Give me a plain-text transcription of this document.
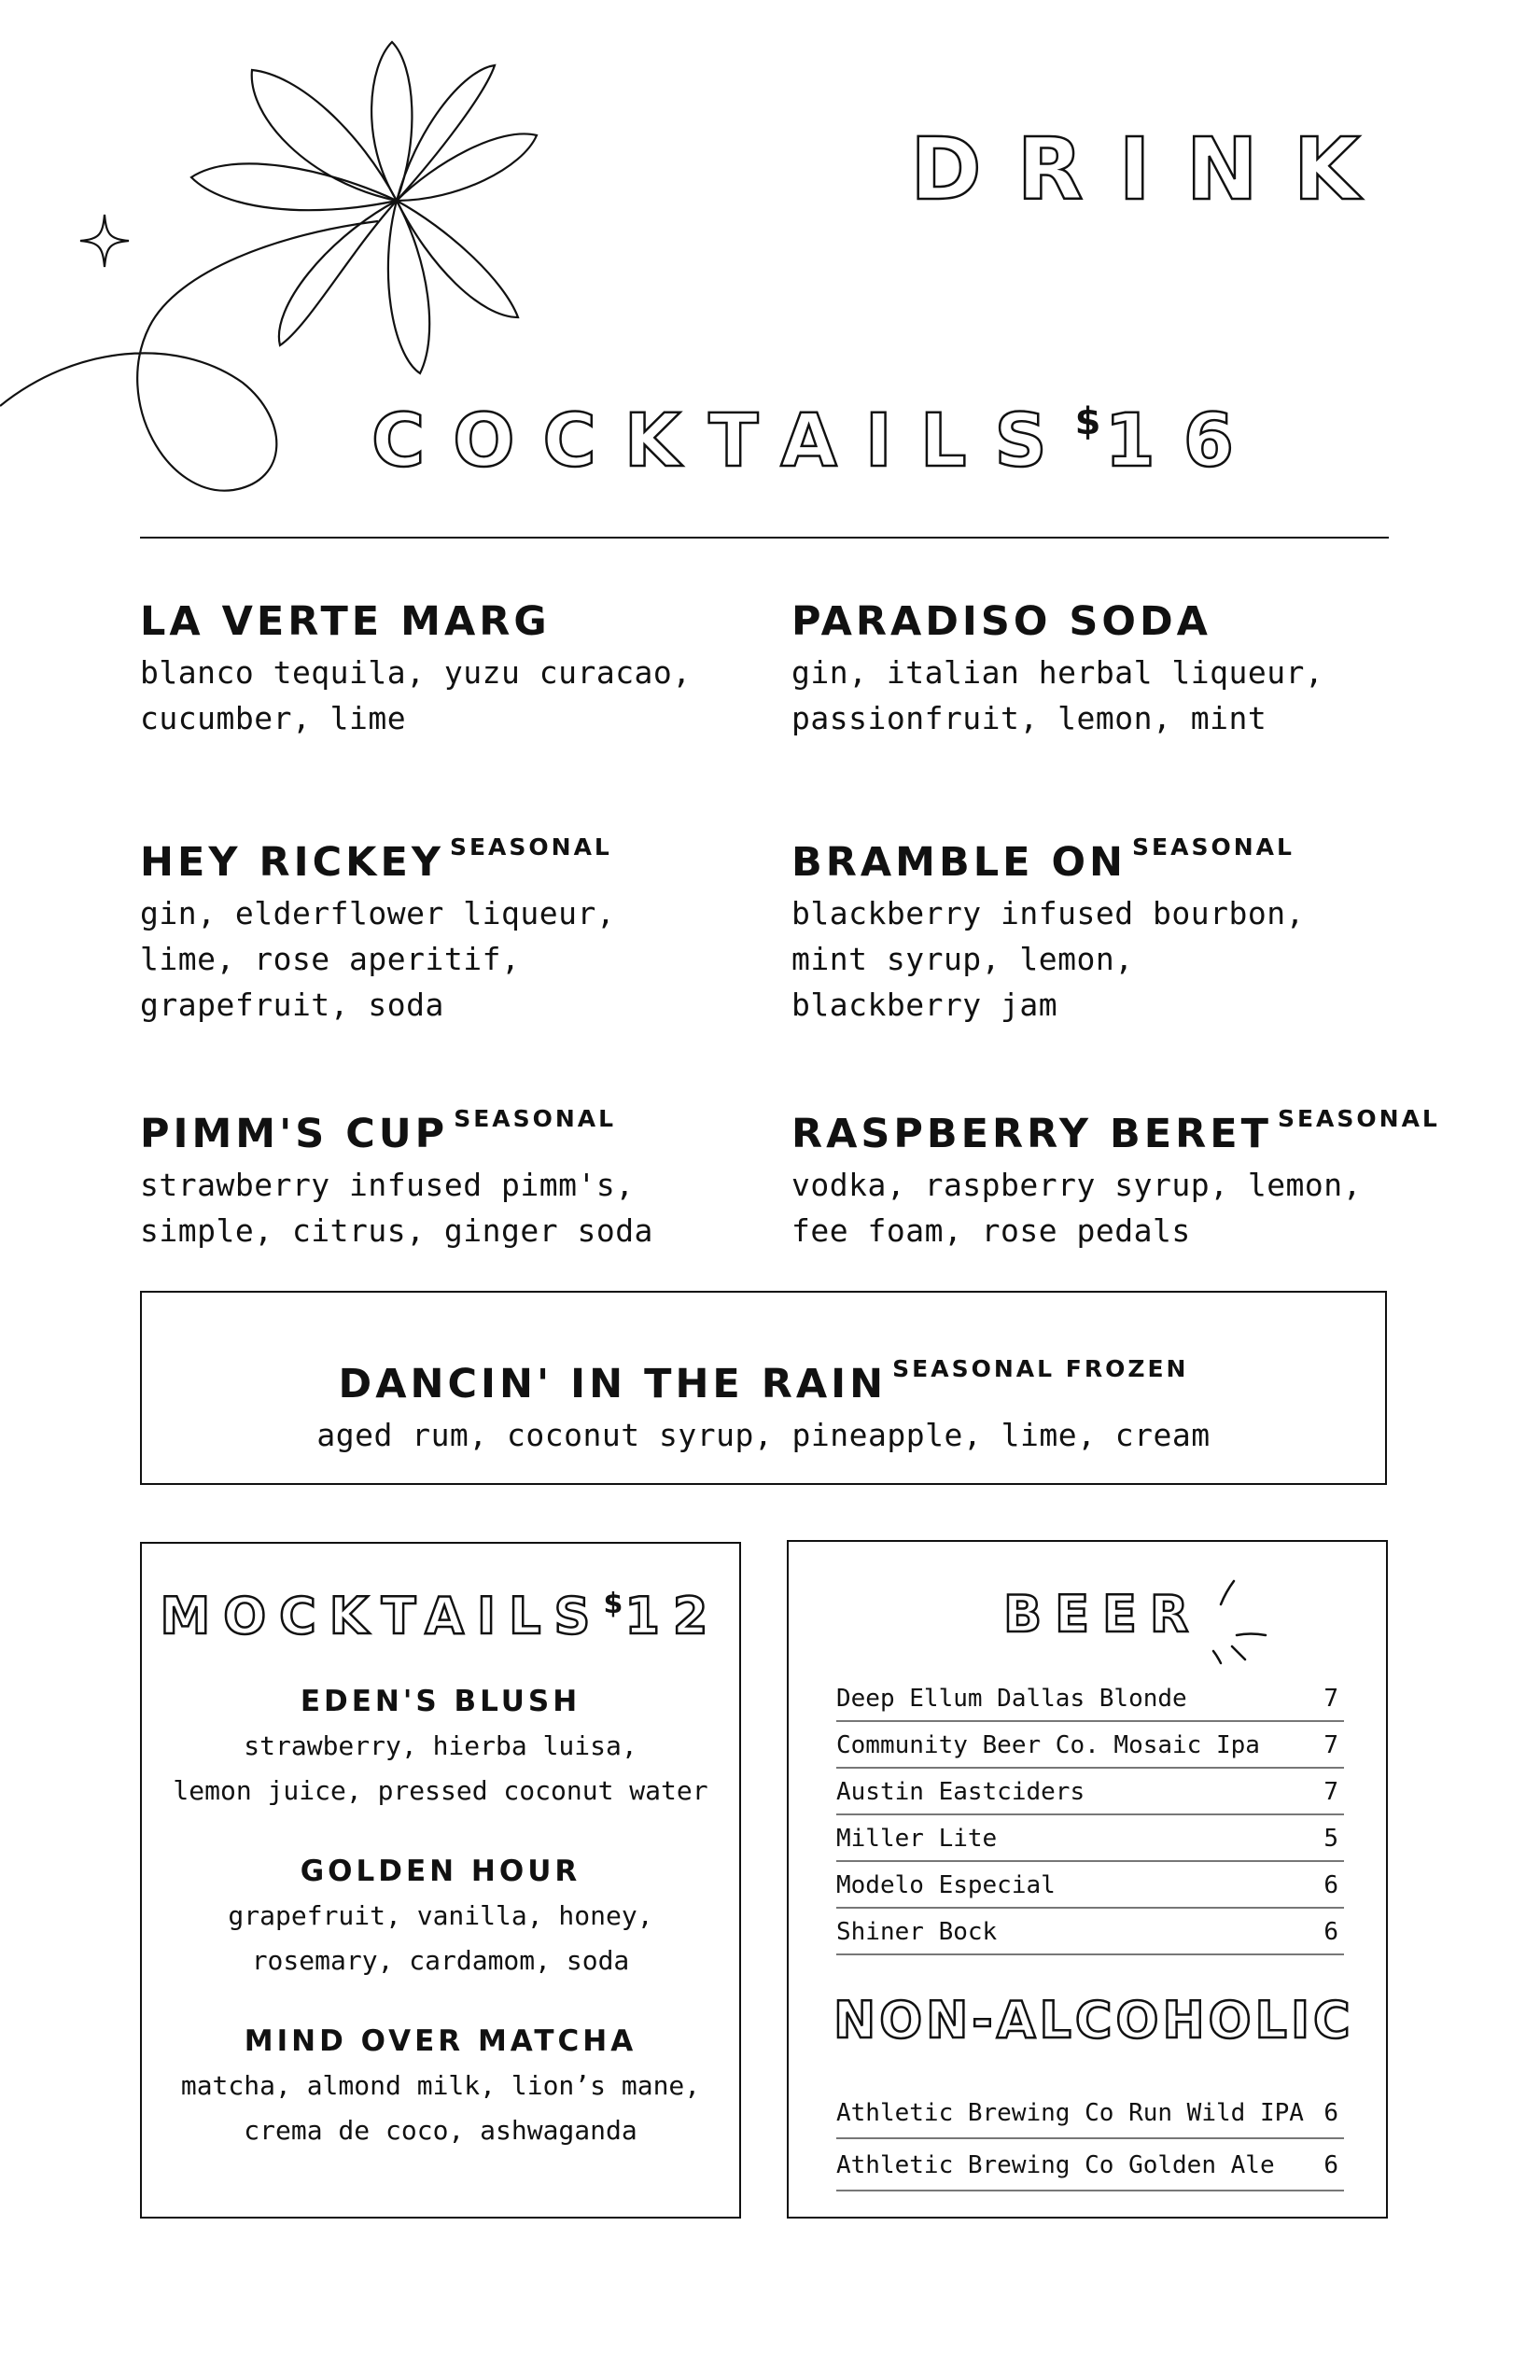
DRINK
COCKTAILS$16

LA VERTE MARG

blanco tequila, yuzu curacao,
cucumber, lime

PARADISO SODA

gin, italian herbal liqueur,
passionfruit, lemon, mint

HEY RICKEY $^{SEASONAL}$

gin, elderflower liqueur,
lime, rose aperitif,
grapefruit, soda

BRAMBLE ON $^{SEASONAL}$

blackberry infused bourbon,
mint syrup, lemon,
blackberry jam

PIMM'S CUP $^{SEASONAL}$

strawberry infused pimm's,
simple, citrus, ginger soda

RASPBERRY BERET $^{SEASONAL}$

vodka, raspberry syrup, lemon,
fee foam, rose pedals

DANCIN' IN THE RAIN $^{SEASONAL FROZEN}$

aged rum, coconut syrup, pineapple, lime, cream

MOCKTAILS$12

EDEN'S BLUSH

strawberry, hierba luisa,
lemon juice, pressed coconut water

GOLDEN HOUR

grapefruit, vanilla, honey,
rosemary, cardamom, soda

MIND OVER MATCHA

matcha, almond milk, lion’s mane,
crema de coco, ashwaganda

BEER
Deep Ellum Dallas Blonde	7
Community Beer Co. Mosaic Ipa	7
Austin Eastciders	7
Miller Lite	5
Modelo Especial	6
Shiner Bock	6
NON-ALCOHOLIC
Athletic Brewing Co Run Wild IPA 6
Athletic Brewing Co Golden Ale 6
